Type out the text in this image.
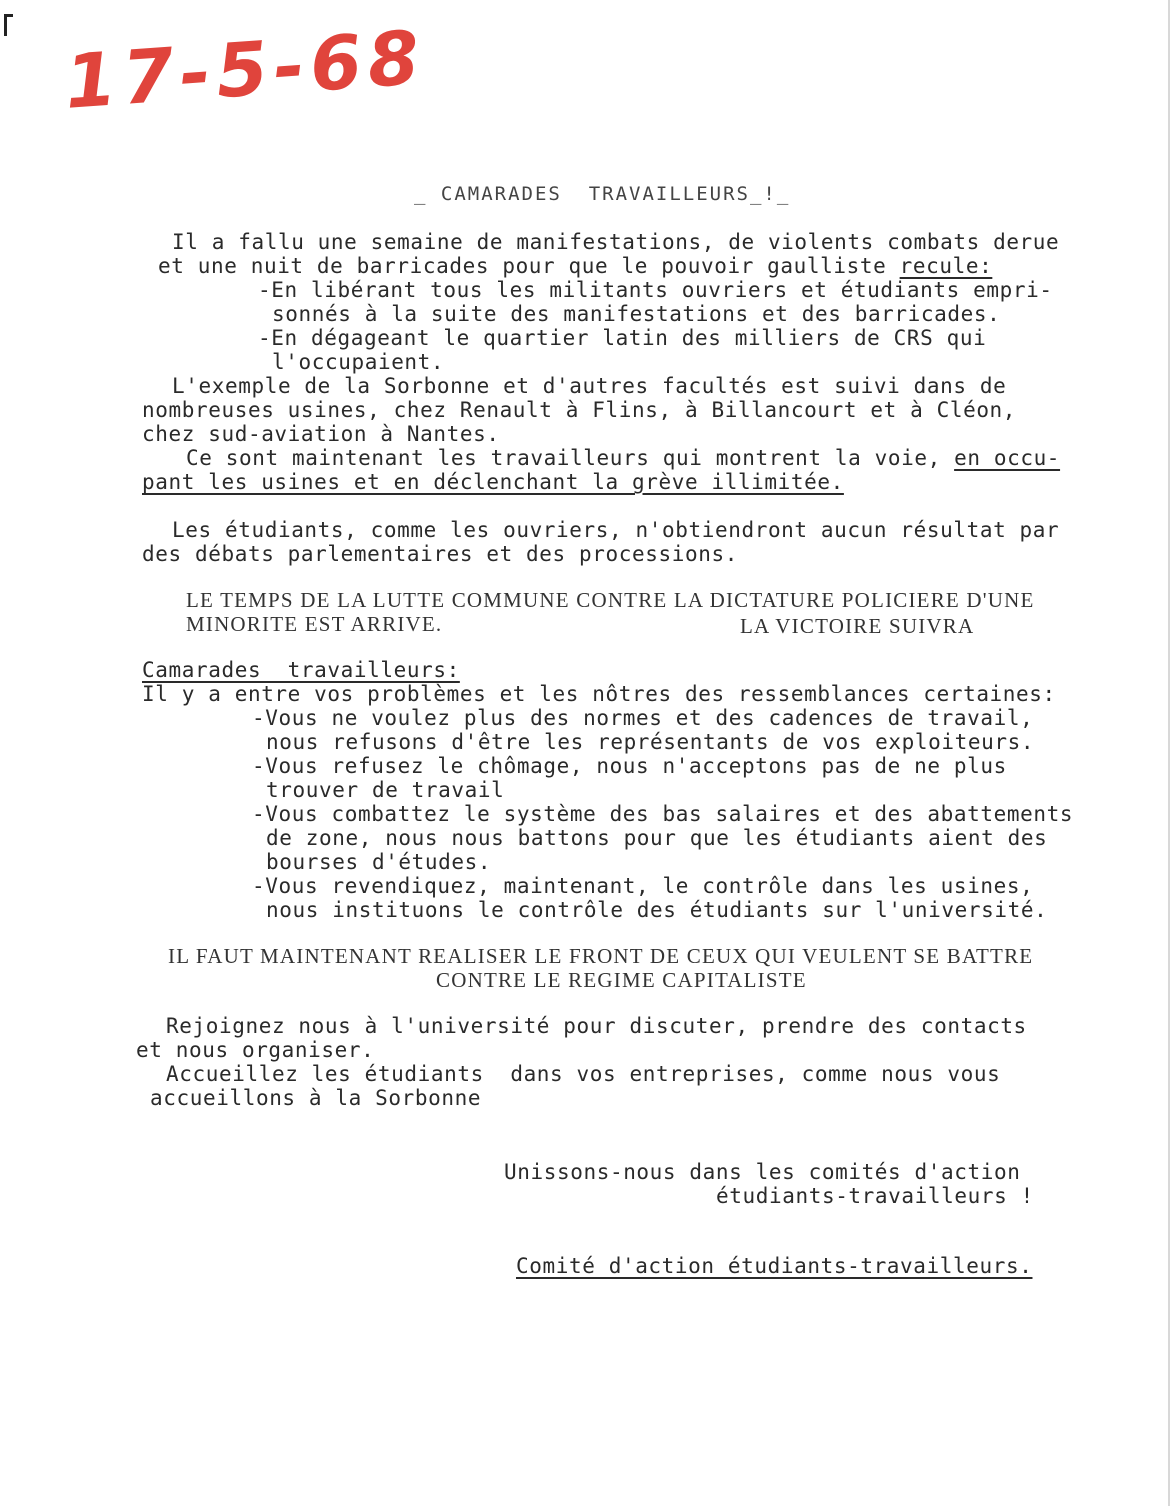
17-5-68
_ CAMARADES  TRAVAILLEURS_!_
Il a fallu une semaine de manifestations, de violents combats derue
et une nuit de barricades pour que le pouvoir gaulliste recule:
-En libérant tous les militants ouvriers et étudiants empri-
sonnés à la suite des manifestations et des barricades.
-En dégageant le quartier latin des milliers de CRS qui
l'occupaient.
L'exemple de la Sorbonne et d'autres facultés est suivi dans de
nombreuses usines, chez Renault à Flins, à Billancourt et à Cléon,
chez sud-aviation à Nantes.
Ce sont maintenant les travailleurs qui montrent la voie, en occu-
pant les usines et en déclenchant la grève illimitée.
Les étudiants, comme les ouvriers, n'obtiendront aucun résultat par
des débats parlementaires et des processions.
LE TEMPS DE LA LUTTE COMMUNE CONTRE LA DICTATURE POLICIERE D'UNE
MINORITE EST ARRIVE.	LA VICTOIRE SUIVRA
Camarades  travailleurs:
Il y a entre vos problèmes et les nôtres des ressemblances certaines:
-Vous ne voulez plus des normes et des cadences de travail,
nous refusons d'être les représentants de vos exploiteurs.
-Vous refusez le chômage, nous n'acceptons pas de ne plus
trouver de travail
-Vous combattez le système des bas salaires et des abattements
de zone, nous nous battons pour que les étudiants aient des
bourses d'études.
-Vous revendiquez, maintenant, le contrôle dans les usines,
nous instituons le contrôle des étudiants sur l'université.
IL FAUT MAINTENANT REALISER LE FRONT DE CEUX QUI VEULENT SE BATTRE
CONTRE LE REGIME CAPITALISTE
Rejoignez nous à l'université pour discuter, prendre des contacts
et nous organiser.
Accueillez les étudiants  dans vos entreprises, comme nous vous
accueillons à la Sorbonne
Unissons-nous dans les comités d'action
étudiants-travailleurs !
Comité d'action étudiants-travailleurs.
